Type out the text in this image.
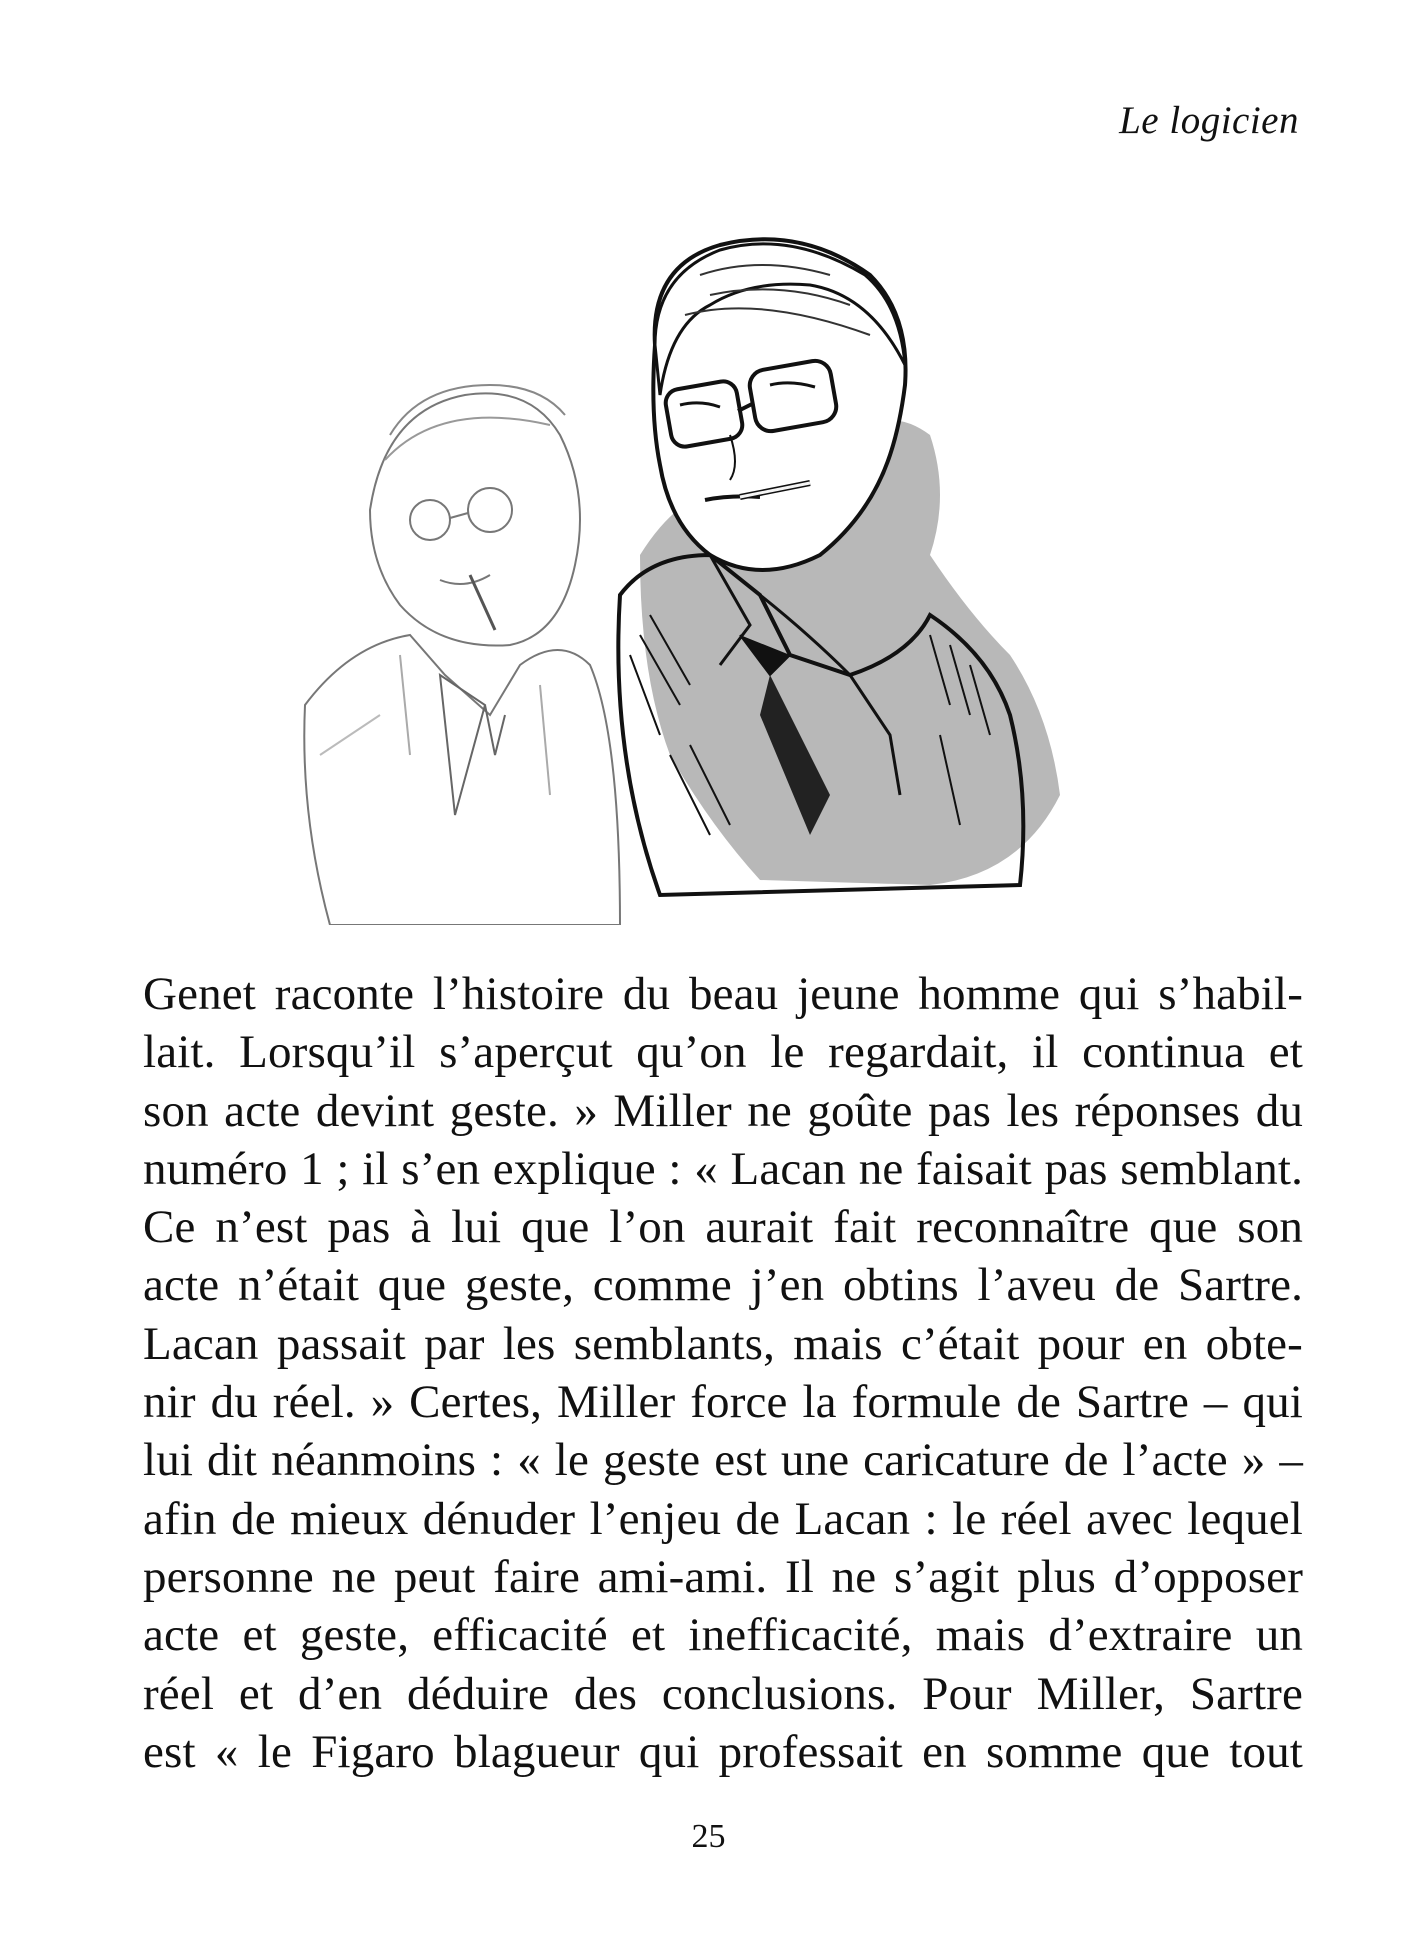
Le logicien
Genet raconte l’histoire du beau jeune homme qui s’habil-
lait. Lorsqu’il s’aperçut qu’on le regardait, il continua et
son acte devint geste. » Miller ne goûte pas les réponses du
numéro 1 ; il s’en explique : « Lacan ne faisait pas semblant.
Ce n’est pas à lui que l’on aurait fait reconnaître que son
acte n’était que geste, comme j’en obtins l’aveu de Sartre.
Lacan passait par les semblants, mais c’était pour en obte-
nir du réel. » Certes, Miller force la formule de Sartre – qui
lui dit néanmoins : « le geste est une caricature de l’acte » –
afin de mieux dénuder l’enjeu de Lacan : le réel avec lequel
personne ne peut faire ami-ami. Il ne s’agit plus d’opposer
acte et geste, efficacité et inefficacité, mais d’extraire un
réel et d’en déduire des conclusions. Pour Miller, Sartre
est « le Figaro blagueur qui professait en somme que tout
25
